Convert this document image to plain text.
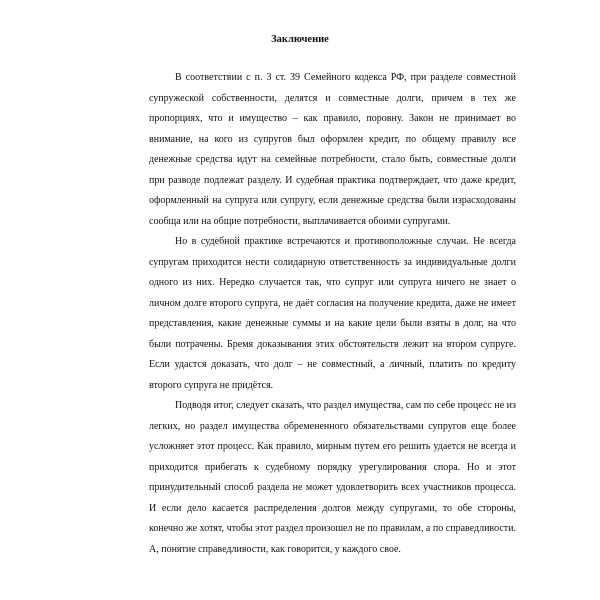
Заключение

В соответствии с п. 3 ст. 39 Семейного кодекса РФ, при разделе совместной супружеской собственности, делятся и совместные долги, причем в тех же пропорциях, что и имущество – как правило, поровну. Закон не принимает во внимание, на кого из супругов был оформлен кредит, по общему правилу все денежные средства идут на семейные потребности, стало быть, совместные долги при разводе подлежат разделу. И судебная практика подтверждает, что даже кредит, оформленный на супруга или супругу, если денежные средства были израсходованы сообща или на общие потребности, выплачивается обоими супругами.

Но в судебной практике встречаются и противоположные случаи. Не всегда супругам приходится нести солидарную ответственность за индивидуальные долги одного из них. Нередко случается так, что супруг или супруга ничего не знает о личном долге второго супруга, не даёт согласия на получение кредита, даже не имеет представления, какие денежные суммы и на какие цели были взяты в долг, на что были потрачены. Бремя доказывания этих обстоятельств лежит на втором супруге. Если удастся доказать, что долг – не совместный, а личный, платить по кредиту второго супруга не придётся.

Подводя итог, следует сказать, что раздел имущества, сам по себе процесс не из легких, но раздел имущества обремененного обязательствами супругов еще более усложняет этот процесс. Как правило, мирным путем его решить удается не всегда и приходится прибегать к судебному порядку урегулирования спора. Но и этот принудительный способ раздела не может удовлетворить всех участников процесса. И если дело касается распределения долгов между супругами, то обе стороны, конечно же хотят, чтобы этот раздел произошел не по правилам, а по справедливости. А, понятие справедливости, как говорится, у каждого свое.
